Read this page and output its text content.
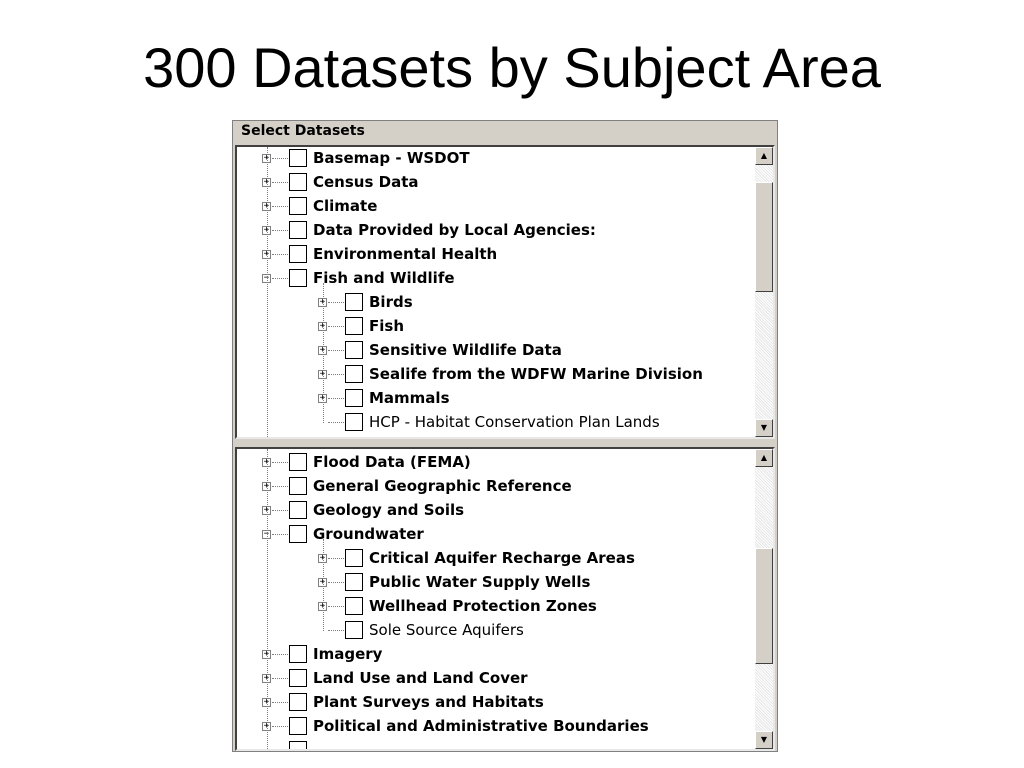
300 Datasets by Subject Area
Select Datasets
+	Basemap - WSDOT
+	Census Data
+	Climate
+	Data Provided by Local Agencies:
+	Environmental Health
−	Fish and Wildlife
+	Birds
+	Fish
+	Sensitive Wildlife Data
+	Sealife from the WDFW Marine Division
+	Mammals
HCP - Habitat Conservation Plan Lands
▲
▼
+	Flood Data (FEMA)
+	General Geographic Reference
+	Geology and Soils
−	Groundwater
+	Critical Aquifer Recharge Areas
+	Public Water Supply Wells
+	Wellhead Protection Zones
Sole Source Aquifers
+	Imagery
+	Land Use and Land Cover
+	Plant Surveys and Habitats
+	Political and Administrative Boundaries
▲
▼
